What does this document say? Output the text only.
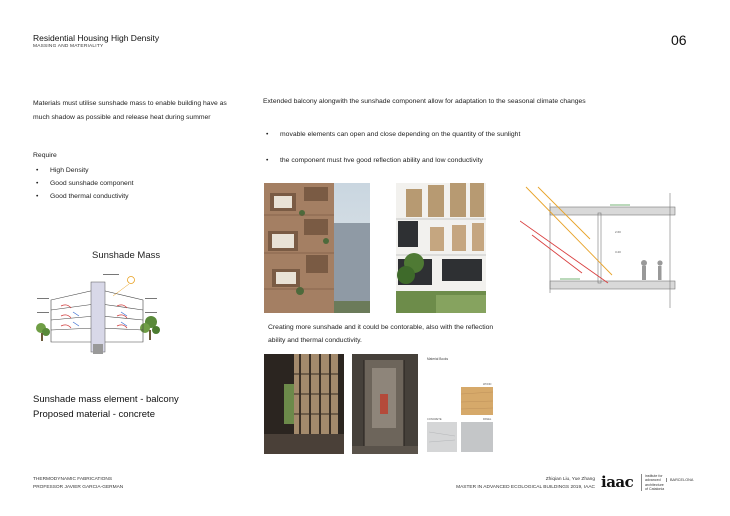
Residential Housing High Density
MASSING AND MATERIALITY	06
Materials must utilise sunshade mass to enable building have as much shadow as possible and release heat during summer
Require
• High Density
• Good sunshade component
• Good thermal conductivity
Sunshade Mass
Sunshade mass element - balcony
Proposed material - concrete
Extended balcony alongwith the sunshade component allow for adaptation to the seasonal climate changes
• movable elements can open and close depending on the quantity of the sunlight
• the component must hve good reflection ability and low conductivity
2.60
3.20
Creating more sunshade and it could be contorable, also with the reflection ability and thermal conductivity.
Material Books
WOOD
CONCRETE	PANEL
THERMODYNAMIC FABRICATIONS
PROFESSOR JAVIER GARCIA-GERMAN
Zhiqian Liu, Yue Zhang
MASTER IN ADVANCED ECOLOGICAL BUILDINGS 2019, IAAC iaac	institute for
advanced
architecture
of Catalonia
BARCELONA
